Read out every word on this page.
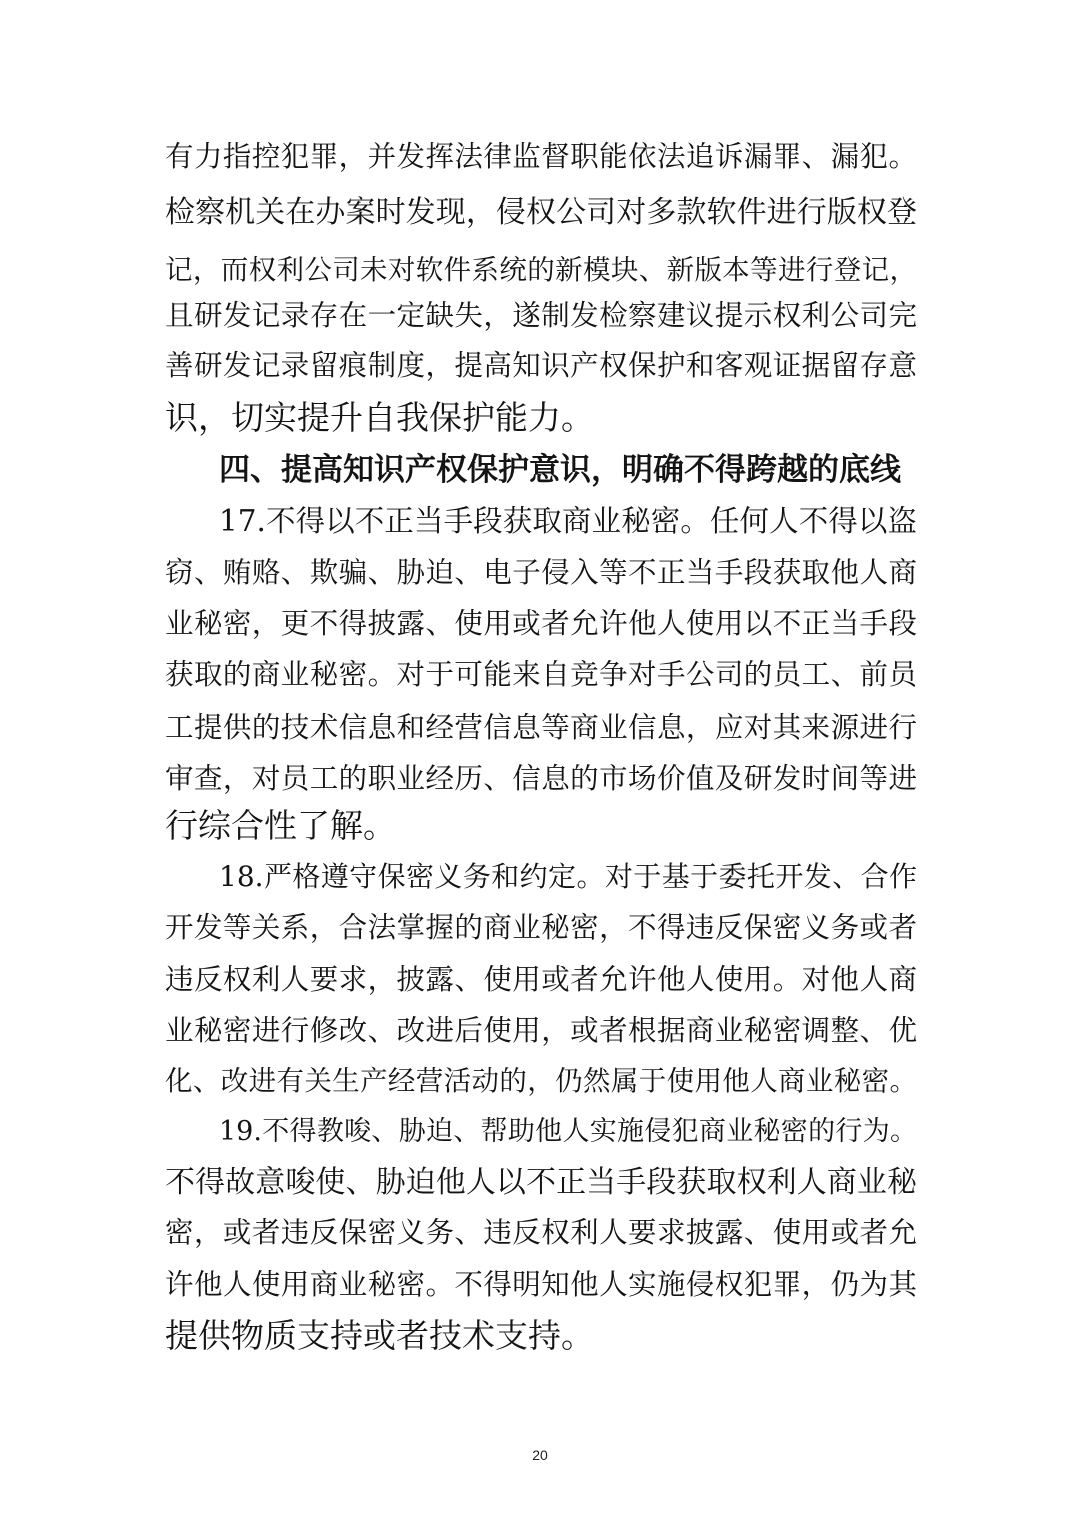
有力指控犯罪，并发挥法律监督职能依法追诉漏罪、漏犯。
检察机关在办案时发现，侵权公司对多款软件进行版权登
记，而权利公司未对软件系统的新模块、新版本等进行登记，
且研发记录存在一定缺失，遂制发检察建议提示权利公司完
善研发记录留痕制度，提高知识产权保护和客观证据留存意
识，切实提升自我保护能力。
四、提高知识产权保护意识，明确不得跨越的底线
17.不得以不正当手段获取商业秘密。任何人不得以盗
窃、贿赂、欺骗、胁迫、电子侵入等不正当手段获取他人商
业秘密，更不得披露、使用或者允许他人使用以不正当手段
获取的商业秘密。对于可能来自竞争对手公司的员工、前员
工提供的技术信息和经营信息等商业信息，应对其来源进行
审查，对员工的职业经历、信息的市场价值及研发时间等进
行综合性了解。
18.严格遵守保密义务和约定。对于基于委托开发、合作
开发等关系，合法掌握的商业秘密，不得违反保密义务或者
违反权利人要求，披露、使用或者允许他人使用。对他人商
业秘密进行修改、改进后使用，或者根据商业秘密调整、优
化、改进有关生产经营活动的，仍然属于使用他人商业秘密。
19.不得教唆、胁迫、帮助他人实施侵犯商业秘密的行为。
不得故意唆使、胁迫他人以不正当手段获取权利人商业秘
密，或者违反保密义务、违反权利人要求披露、使用或者允
许他人使用商业秘密。不得明知他人实施侵权犯罪，仍为其
提供物质支持或者技术支持。
20
